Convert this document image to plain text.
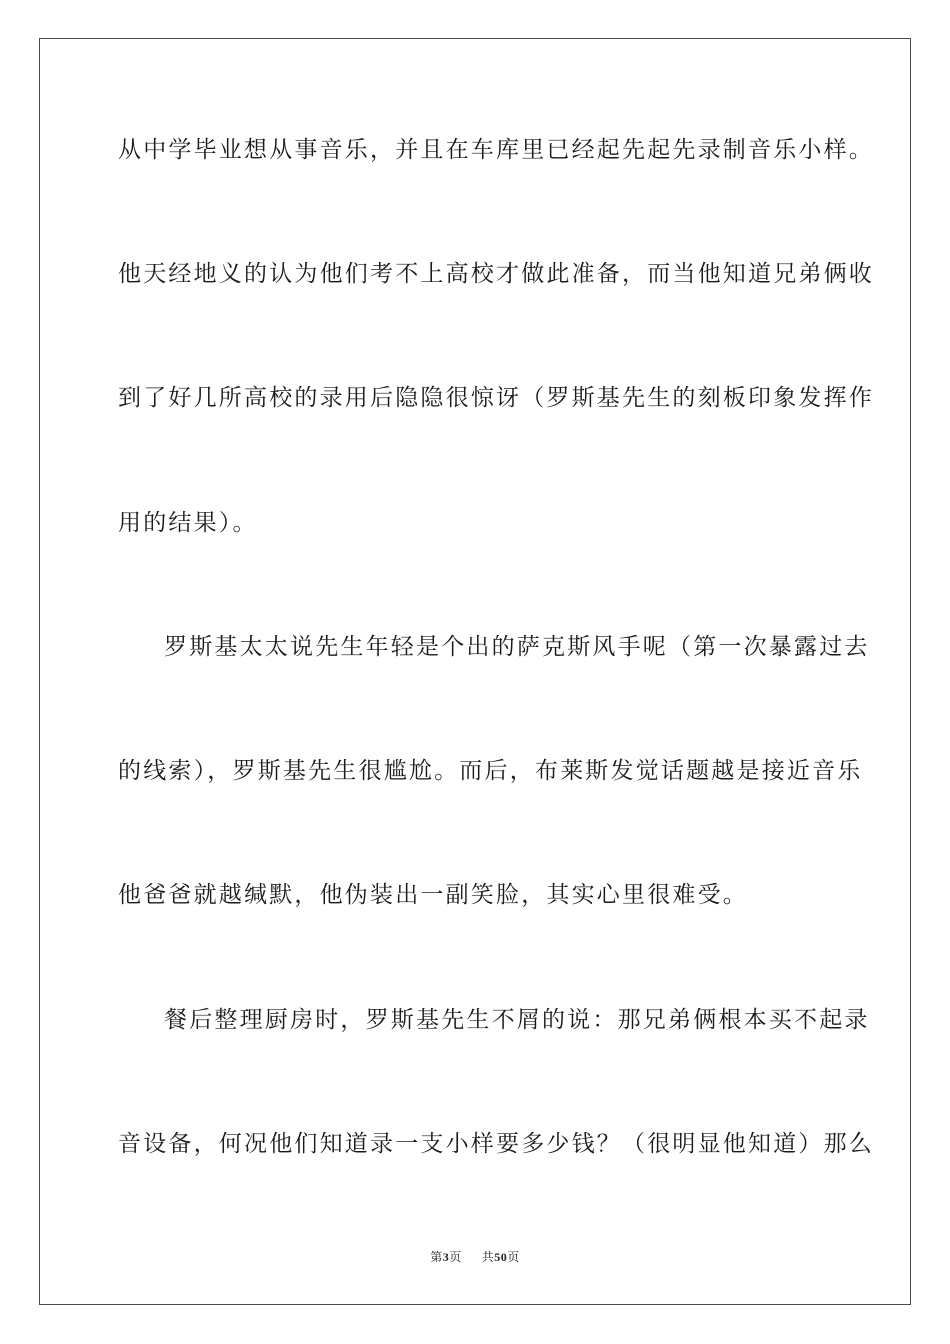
从中学毕业想从事音乐，并且在车库里已经起先起先录制音乐小样。
他天经地义的认为他们考不上高校才做此准备，而当他知道兄弟俩收
到了好几所高校的录用后隐隐很惊讶（罗斯基先生的刻板印象发挥作
用的结果）。
罗斯基太太说先生年轻是个出的萨克斯风手呢（第一次暴露过去
的线索），罗斯基先生很尴尬。而后，布莱斯发觉话题越是接近音乐
他爸爸就越缄默，他伪装出一副笑脸，其实心里很难受。
餐后整理厨房时，罗斯基先生不屑的说：那兄弟俩根本买不起录
音设备，何况他们知道录一支小样要多少钱？（很明显他知道）那么
第3页 共50页
